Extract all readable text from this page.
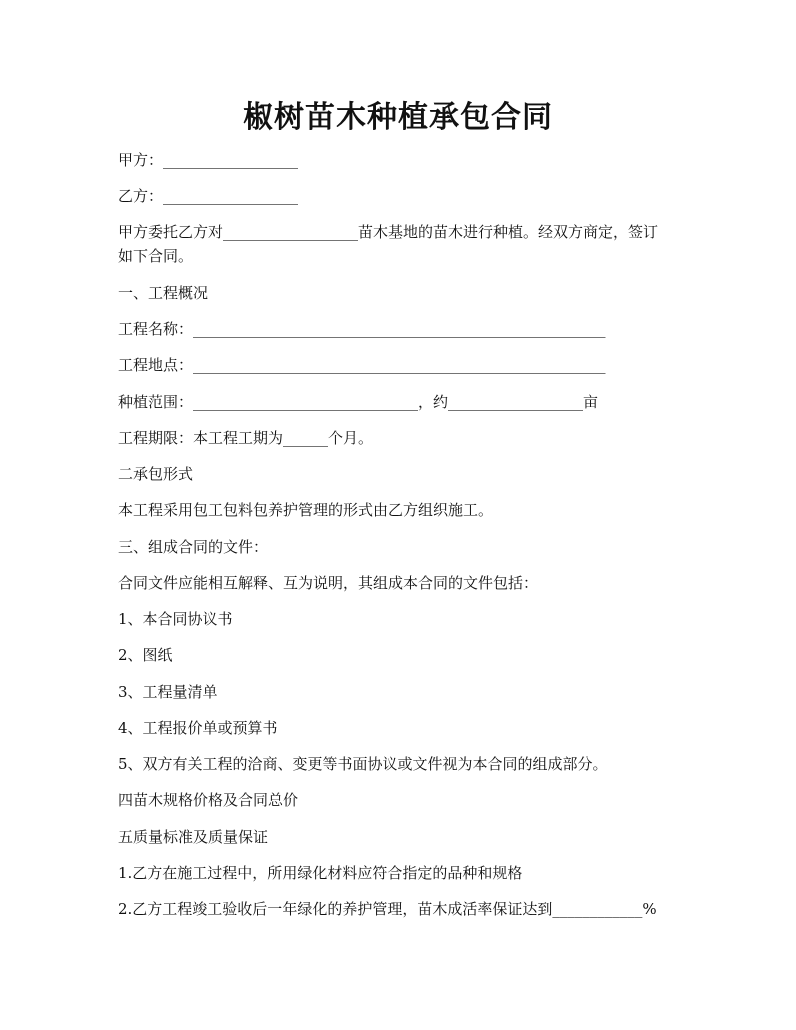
椒树苗木种植承包合同

甲方：__________________

乙方：__________________

甲方委托乙方对__________________苗木基地的苗木进行种植。经双方商定，签订

如下合同。

一、工程概况

工程名称：_______________________________________________________

工程地点：_______________________________________________________

种植范围：______________________________，约__________________亩

工程期限：本工程工期为______个月。

二承包形式

本工程采用包工包料包养护管理的形式由乙方组织施工。

三、组成合同的文件：

合同文件应能相互解释、互为说明，其组成本合同的文件包括：

1、本合同协议书

2、图纸

3、工程量清单

4、工程报价单或预算书

5、双方有关工程的洽商、变更等书面协议或文件视为本合同的组成部分。

四苗木规格价格及合同总价

五质量标准及质量保证

1.乙方在施工过程中，所用绿化材料应符合指定的品种和规格

2.乙方工程竣工验收后一年绿化的养护管理，苗木成活率保证达到____________%
